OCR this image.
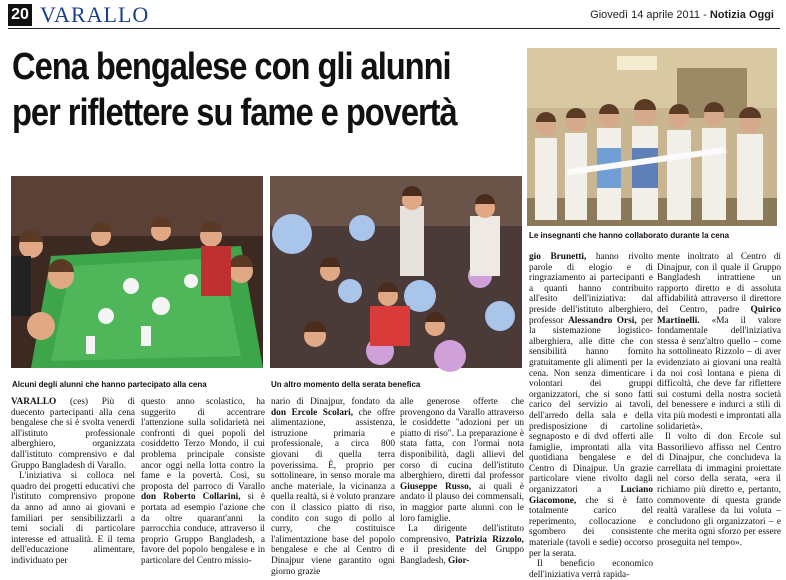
20 VARALLO	Giovedì 14 aprile 2011 - Notizia Oggi
Cena bengalese con gli alunni
per riflettere su fame e povertà
Le insegnanti che hanno collaborato durante la cena
Alcuni degli alunni che hanno partecipato alla cena	Un altro momento della serata benefica

VARALLO (ces) Più di duecento partecipanti alla cena bengalese che si è svolta venerdì all'istituto professionale alberghiero, organizzata dall'istituto comprensivo e dal Gruppo Bangladesh di Varallo.

L'iniziativa si colloca nel quadro dei progetti educativi che l'istituto comprensivo propone da anno ad anno ai giovani e familiari per sensibilizzarli a temi sociali di particolare interesse ed attualità. E il tema dell'educazione alimentare, individuato per

questo anno scolastico, ha suggerito di accentrare l'attenzione sulla solidarietà nei confronti di quei popoli del cosiddetto Terzo Mondo, il cui problema principale consiste ancor oggi nella lotta contro la fame e la povertà. Così, su proposta del parroco di Varallo don Roberto Collarini, si è portata ad esempio l'azione che da oltre quarant'anni la parrocchia conduce, attraverso il proprio Gruppo Bangladesh, a favore del popolo bengalese e in particolare del Centro missio-

nario di Dinajpur, fondato da don Ercole Scolari, che offre alimentazione, assistenza, istruzione primaria e professionale, a circa 800 giovani di quella terra poverissima. È, proprio per sottolineare, in senso morale ma anche materiale, la vicinanza a quella realtà, si è voluto pranzare con il classico piatto di riso, condito con sugo di pollo al curry, che costituisce l'alimentazione base del popolo bengalese e che al Centro di Dinajpur viene garantito ogni giorno grazie

alle generose offerte che provengono da Varallo attraverso le cosiddette "adozioni per un piatto di riso". La preparazione è stata fatta, con l'ormai nota disponibilità, dagli allievi del corso di cucina dell'istituto alberghiero, diretti dal professor Giuseppe Russo, ai quali è andato il plauso dei commensali, in maggior parte alunni con le loro famiglie.

La dirigente dell'istituto comprensivo, Patrizia Rizzolo, e il presidente del Gruppo Bangladesh, Gior-

gio Brunetti, hanno rivolto parole di elogio e di ringraziamento ai partecipanti e a quanti hanno contribuito all'esito dell'iniziativa: dal preside dell'istituto alberghiero, professor Alessandro Orsi, per la sistemazione logistico-alberghiera, alle ditte che con sensibilità hanno fornito gratuitamente gli alimenti per la cena. Non senza dimenticare i volontari dei gruppi organizzatori, che si sono fatti carico del servizio ai tavoli, dell'arredo della sala e della predisposizione di cartoline segnaposto e di dvd offerti alle famiglie, improntati alla vita quotidiana bengalese e del Centro di Dinajpur. Un grazie particolare viene rivolto dagli organizzatori a Luciano Giacomone, che si è fatto totalmente carico del reperimento, collocazione e sgombero dei consistente materiale (tavoli e sedie) occorso per la serata.

Il beneficio economico dell'iniziativa verrà rapida-

mente inoltrato al Centro di Dinajpur, con il quale il Gruppo Bangladesh intrattiene un rapporto diretto e di assoluta affidabilità attraverso il direttore del Centro, padre Quirico Martinelli. «Ma il valore fondamentale dell'iniziativa stessa è senz'altro quello – come ha sottolineato Rizzolo – di aver evidenziato ai giovani una realtà da noi così lontana e piena di difficoltà, che deve far riflettere sui costumi della nostra società del benessere e indurci a stili di vita più modesti e improntati alla solidarietà».

Il volto di don Ercole sul Bassorilievo affisso nel Centro di Dinajpur, che concludeva la carrellata di immagini proiettate nel corso della serata, «era il richiamo più diretto e, pertanto, commovente di questa grande realtà varallese da lui voluta – concludono gli organizzatori – e che merita ogni sforzo per essere proseguita nel tempo».
